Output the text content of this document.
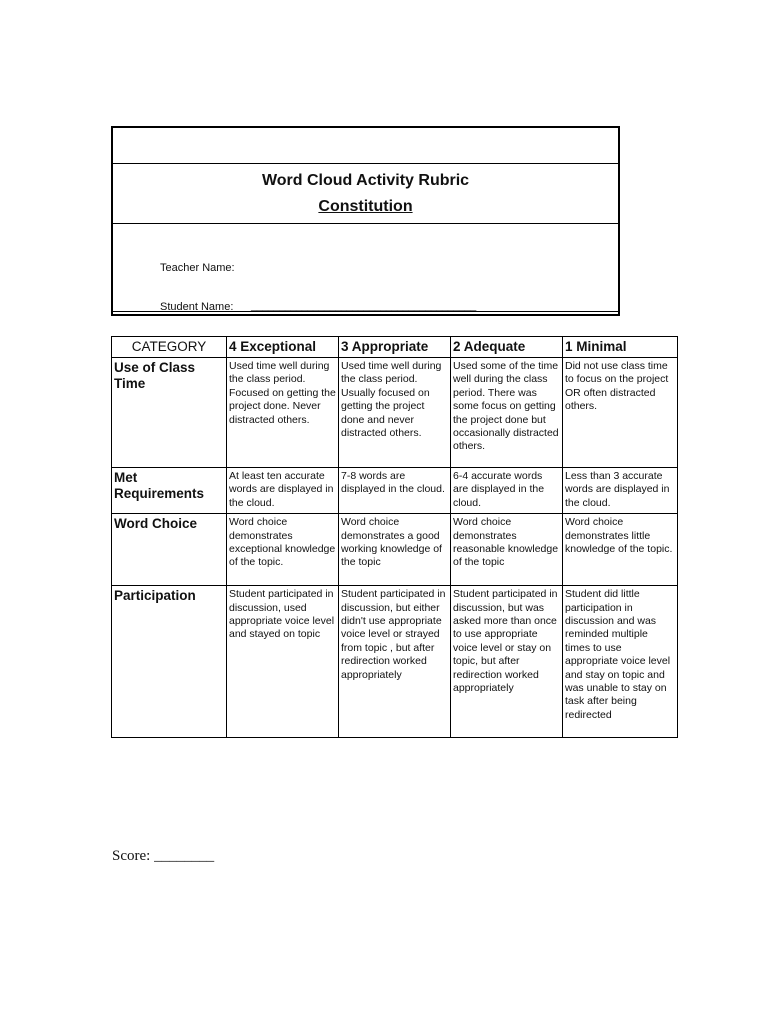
Word Cloud Activity Rubric
Constitution
Teacher Name:
Student Name: ________________________________________
CATEGORY	4 Exceptional	3 Appropriate	2 Adequate	1 Minimal
Use of Class Time	Used time well during the class period. Focused on getting the project done. Never distracted others.	Used time well during the class period. Usually focused on getting the project done and never distracted others.	Used some of the time well during the class period. There was some focus on getting the project done but occasionally distracted others.	Did not use class time to focus on the project OR often distracted others.
Met Requirements	At least ten accurate words are displayed in the cloud.	7-8 words are displayed in the cloud.	6-4 accurate words are displayed in the cloud.	Less than 3 accurate words are displayed in the cloud.
Word Choice	Word choice demonstrates exceptional knowledge of the topic.	Word choice demonstrates a good working knowledge of the topic	Word choice demonstrates reasonable knowledge of the topic	Word choice demonstrates little knowledge of the topic.
Participation	Student participated in discussion, used appropriate voice level and stayed on topic	Student participated in discussion, but either didn't use appropriate voice level or strayed from topic , but after redirection worked appropriately	Student participated in discussion, but was asked more than once to use appropriate voice level or stay on topic, but after redirection worked appropriately	Student did little participation in discussion and was reminded multiple times to use appropriate voice level and stay on topic and was unable to stay on task after being redirected
Score: ________
